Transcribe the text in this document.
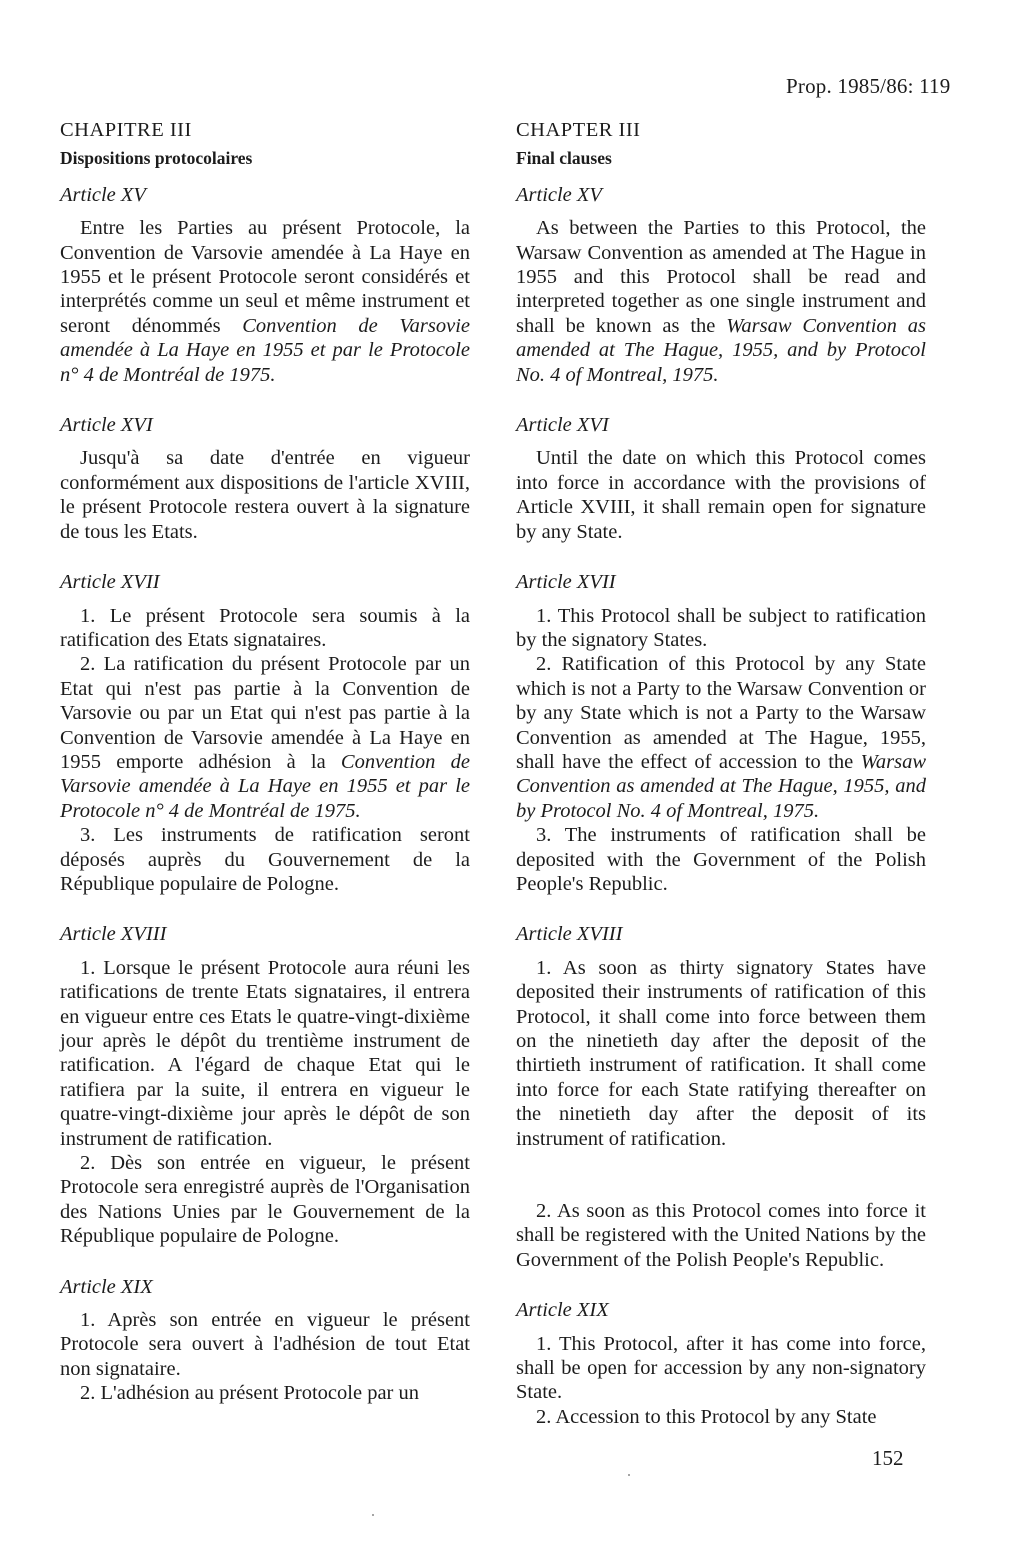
Prop. 1985/86: 119
CHAPITRE III
Dispositions protocolaires
Article XV

Entre les Parties au présent Protocole, la Convention de Varsovie amendée à La Haye en 1955 et le présent Protocole seront considérés et interprétés comme un seul et même instrument et seront dénommés Convention de Varsovie amendée à La Haye en 1955 et par le Protocole n° 4 de Montréal de 1975.

Article XVI

Jusqu'à sa date d'entrée en vigueur conformément aux dispositions de l'article XVIII, le présent Protocole restera ouvert à la signature de tous les Etats.

Article XVII

1. Le présent Protocole sera soumis à la ratification des Etats signataires.

2. La ratification du présent Protocole par un Etat qui n'est pas partie à la Convention de Varsovie ou par un Etat qui n'est pas partie à la Convention de Varsovie amendée à La Haye en 1955 emporte adhésion à la Convention de Varsovie amendée à La Haye en 1955 et par le Protocole n° 4 de Montréal de 1975.

3. Les instruments de ratification seront déposés auprès du Gouvernement de la République populaire de Pologne.

Article XVIII

1. Lorsque le présent Protocole aura réuni les ratifications de trente Etats signataires, il entrera en vigueur entre ces Etats le quatre-vingt-dixième jour après le dépôt du trentième instrument de ratification. A l'égard de chaque Etat qui le ratifiera par la suite, il entrera en vigueur le quatre-vingt-dixième jour après le dépôt de son instrument de ratification.

2. Dès son entrée en vigueur, le présent Protocole sera enregistré auprès de l'Organisation des Nations Unies par le Gouvernement de la République populaire de Pologne.

Article XIX

1. Après son entrée en vigueur le présent Protocole sera ouvert à l'adhésion de tout Etat non signataire.

2. L'adhésion au présent Protocole par un

CHAPTER III
Final clauses
Article XV

As between the Parties to this Protocol, the Warsaw Convention as amended at The Hague in 1955 and this Protocol shall be read and interpreted together as one single instrument and shall be known as the Warsaw Convention as amended at The Hague, 1955, and by Protocol No. 4 of Montreal, 1975.

Article XVI

Until the date on which this Protocol comes into force in accordance with the provisions of Article XVIII, it shall remain open for signature by any State.

Article XVII

1. This Protocol shall be subject to ratification by the signatory States.

2. Ratification of this Protocol by any State which is not a Party to the Warsaw Convention or by any State which is not a Party to the Warsaw Convention as amended at The Hague, 1955, shall have the effect of accession to the Warsaw Convention as amended at The Hague, 1955, and by Protocol No. 4 of Montreal, 1975.

3. The instruments of ratification shall be deposited with the Government of the Polish People's Republic.

Article XVIII

1. As soon as thirty signatory States have deposited their instruments of ratification of this Protocol, it shall come into force between them on the ninetieth day after the deposit of the thirtieth instrument of ratification. It shall come into force for each State ratifying thereafter on the ninetieth day after the deposit of its instrument of ratification.

2. As soon as this Protocol comes into force it shall be registered with the United Nations by the Government of the Polish People's Republic.

Article XIX

1. This Protocol, after it has come into force, shall be open for accession by any non-signatory State.

2. Accession to this Protocol by any State

152
